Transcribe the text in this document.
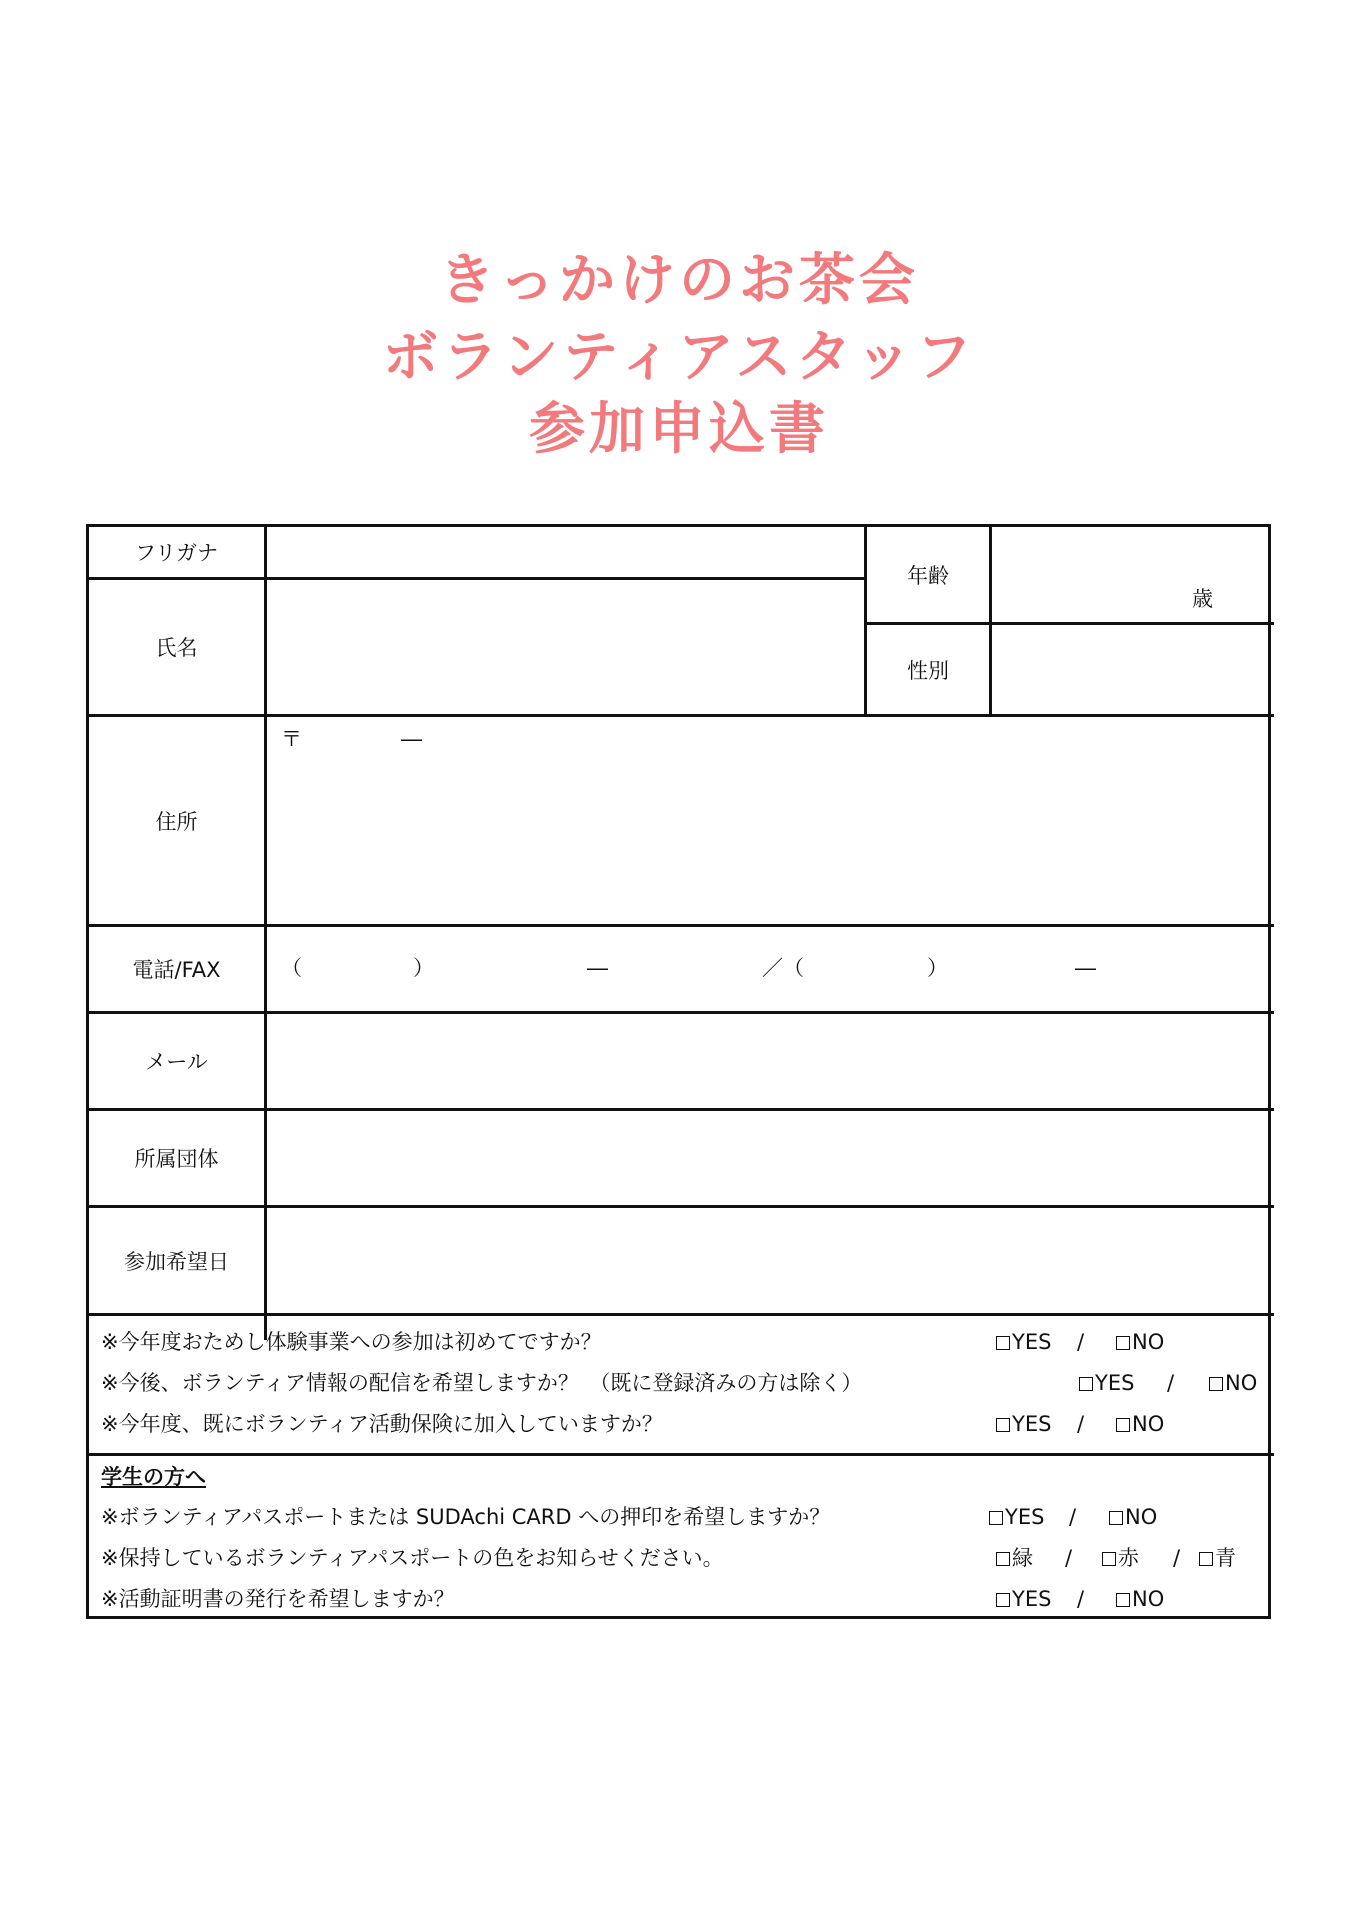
きっかけのお茶会
ボランティアスタッフ
参加申込書
フリガナ
氏名
年齢
歳
性別
住所
〒	―
電話/FAX	（	）	―	／（	）	―
メール
所属団体
参加希望日
※今年度おためし体験事業への参加は初めてですか？	YES /	NO
※今後、ボランティア情報の配信を希望しますか？　（既に登録済みの方は除く）	YES /	NO
※今年度、既にボランティア活動保険に加入していますか？	YES /	NO
学生の方へ
※ボランティアパスポートまたは SUDAchi CARD への押印を希望しますか？	YES /	NO
※保持しているボランティアパスポートの色をお知らせください。	緑 /	赤 /	青
※活動証明書の発行を希望しますか？	YES /	NO
